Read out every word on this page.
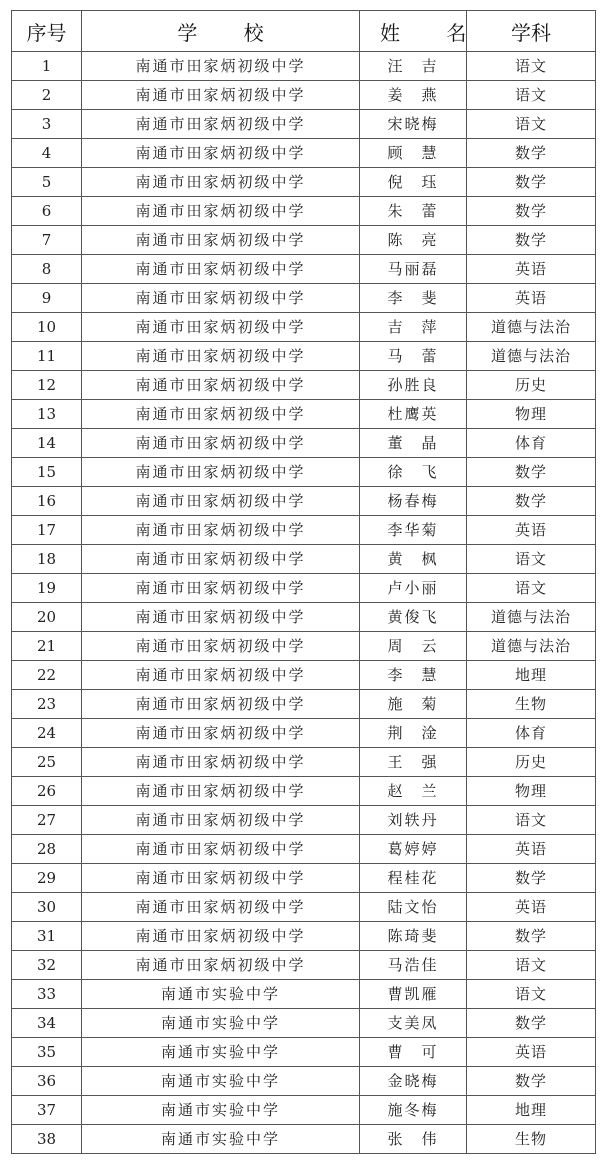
序号	学 校	姓 名	学科
1	南通市田家炳初级中学	汪　吉	语文
2	南通市田家炳初级中学	姜　燕	语文
3	南通市田家炳初级中学	宋晓梅	语文
4	南通市田家炳初级中学	顾　慧	数学
5	南通市田家炳初级中学	倪　珏	数学
6	南通市田家炳初级中学	朱　蕾	数学
7	南通市田家炳初级中学	陈　亮	数学
8	南通市田家炳初级中学	马丽磊	英语
9	南通市田家炳初级中学	李　斐	英语
10	南通市田家炳初级中学	吉　萍	道德与法治
11	南通市田家炳初级中学	马　蕾	道德与法治
12	南通市田家炳初级中学	孙胜良	历史
13	南通市田家炳初级中学	杜鹰英	物理
14	南通市田家炳初级中学	董　晶	体育
15	南通市田家炳初级中学	徐　飞	数学
16	南通市田家炳初级中学	杨春梅	数学
17	南通市田家炳初级中学	李华菊	英语
18	南通市田家炳初级中学	黄　枫	语文
19	南通市田家炳初级中学	卢小丽	语文
20	南通市田家炳初级中学	黄俊飞	道德与法治
21	南通市田家炳初级中学	周　云	道德与法治
22	南通市田家炳初级中学	李　慧	地理
23	南通市田家炳初级中学	施　菊	生物
24	南通市田家炳初级中学	荆　淦	体育
25	南通市田家炳初级中学	王　强	历史
26	南通市田家炳初级中学	赵　兰	物理
27	南通市田家炳初级中学	刘轶丹	语文
28	南通市田家炳初级中学	葛婷婷	英语
29	南通市田家炳初级中学	程桂花	数学
30	南通市田家炳初级中学	陆文怡	英语
31	南通市田家炳初级中学	陈琦斐	数学
32	南通市田家炳初级中学	马浩佳	语文
33	南通市实验中学	曹凯雁	语文
34	南通市实验中学	支美凤	数学
35	南通市实验中学	曹　可	英语
36	南通市实验中学	金晓梅	数学
37	南通市实验中学	施冬梅	地理
38	南通市实验中学	张　伟	生物
